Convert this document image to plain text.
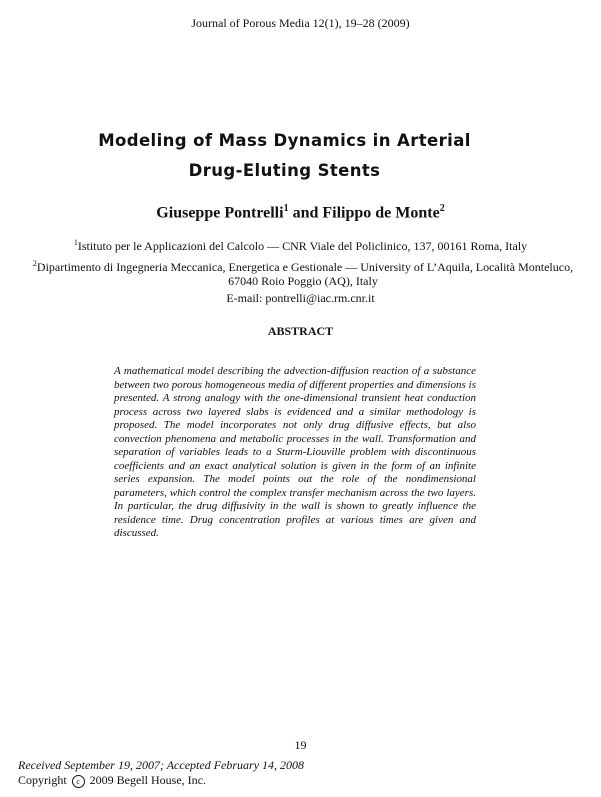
Journal of Porous Media 12(1), 19–28 (2009)
Modeling of Mass Dynamics in Arterial
Drug-Eluting Stents
Giuseppe Pontrelli$^1$ and Filippo de Monte$^2$
$^1$Istituto per le Applicazioni del Calcolo — CNR Viale del Policlinico, 137, 00161 Roma, Italy
$^2$Dipartimento di Ingegneria Meccanica, Energetica e Gestionale — University of L’Aquila, Località Monteluco, 67040 Roio Poggio (AQ), Italy
E-mail: pontrelli@iac.rm.cnr.it
ABSTRACT
A mathematical model describing the advection-diffusion reaction of a substance between two porous homogeneous media of different properties and dimensions is presented. A strong analogy with the one-dimensional transient heat conduction process across two layered slabs is evidenced and a similar methodology is proposed. The model incorporates not only drug diffusive effects, but also convection phenomena and metabolic processes in the wall. Transformation and separation of variables leads to a Sturm-Liouville problem with discontinuous coefficients and an exact analytical solution is given in the form of an infinite series expansion. The model points out the role of the nondimensional parameters, which control the complex transfer mechanism across the two layers. In particular, the drug diffusivity in the wall is shown to greatly influence the residence time. Drug concentration profiles at various times are given and discussed.
19
Received September 19, 2007; Accepted February 14, 2008
Copyright c 2009 Begell House, Inc.
